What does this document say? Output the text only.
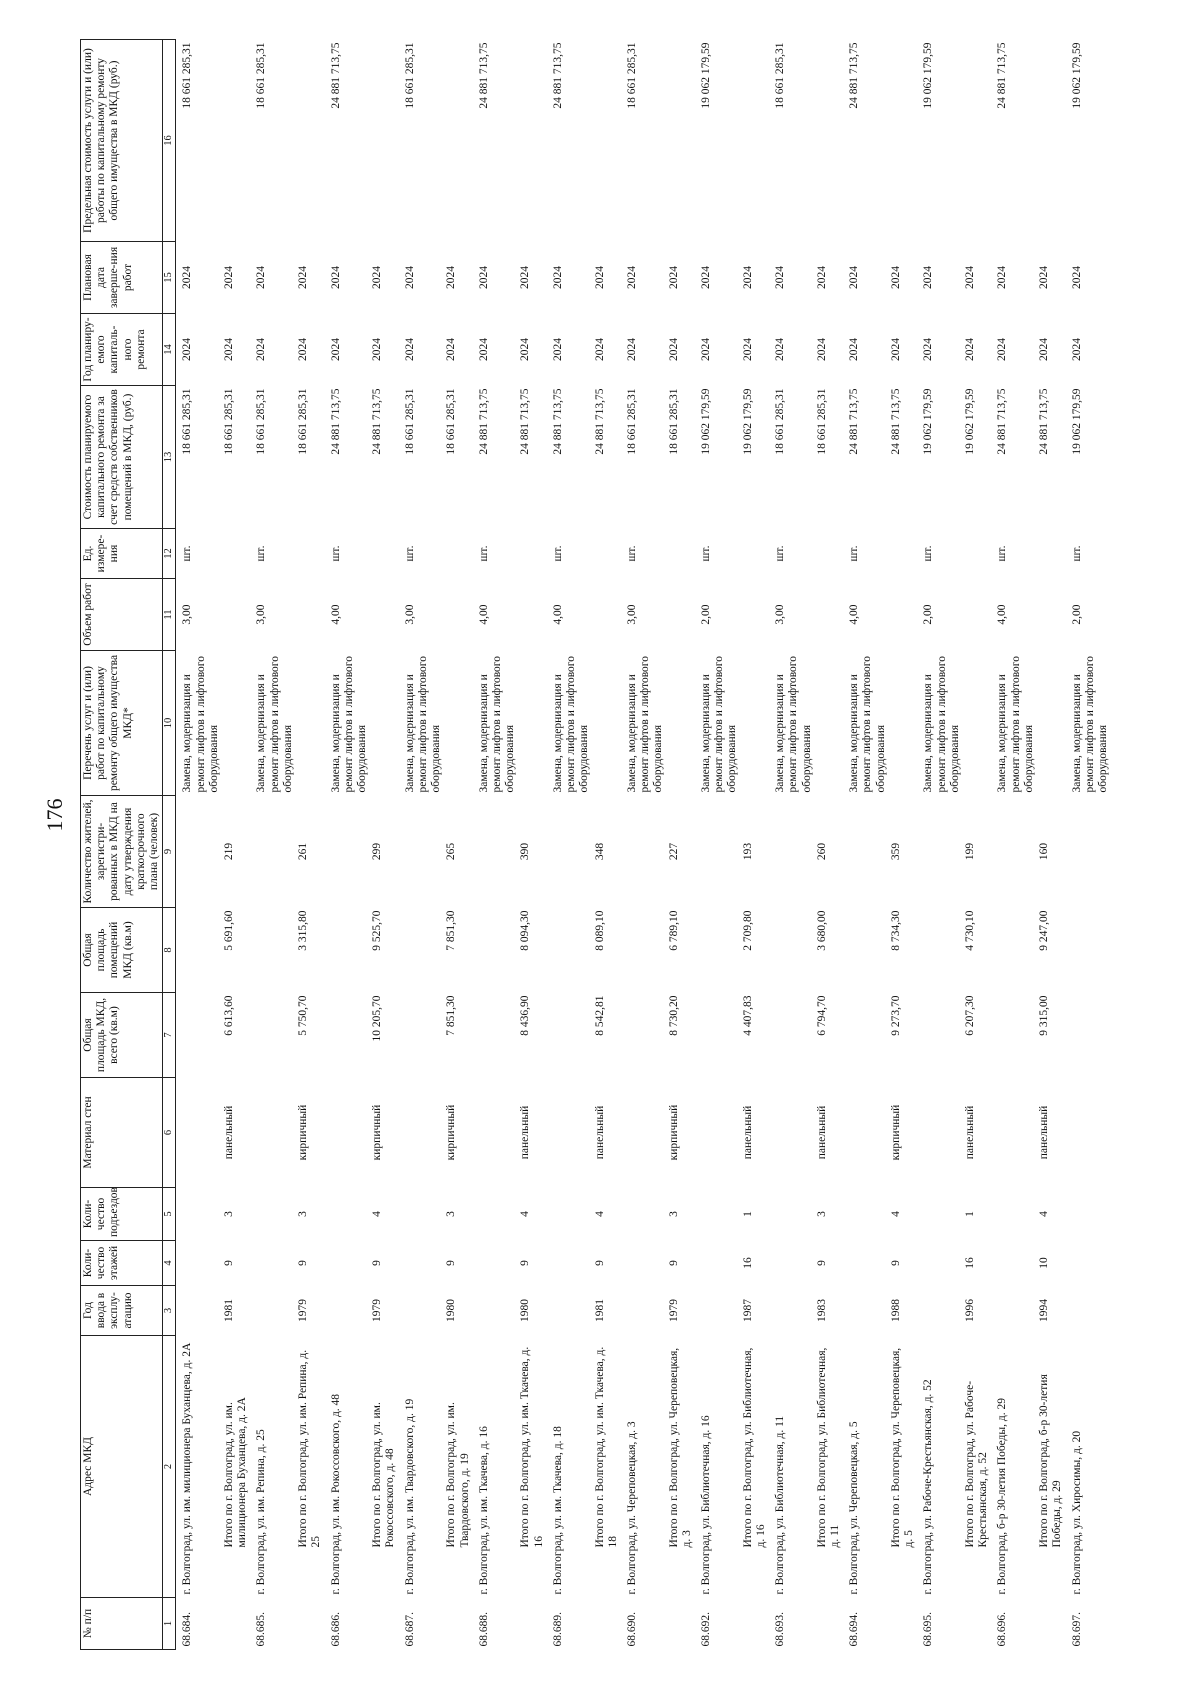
176
№ п/п	Адрес МКД	Год ввода в эксплу-атацию	Коли-чество этажей	Коли-чество подъездов	Материал стен	Общая площадь МКД, всего (кв.м)	Общая площадь помещений МКД (кв.м)	Количество жителей, зарегистри-рованных в МКД на дату утверждения краткосрочного плана (человек)	Перечень услуг и (или) работ по капитальному ремонту общего имущества МКД*	Объем работ	Ед. измере-ния	Стоимость планируемого капитального ремонта за счет средств собственников помещений в МКД, (руб.)	Год планиру-емого капиталь-ного ремонта	Плановая дата заверше-ния работ	Предельная стоимость услуги и (или) работы по капитальному ремонту общего имущества в МКД (руб.)
1	2	3	4	5	6	7	8	9	10	11	12	13	14	15	16
68.684.	г. Волгоград, ул. им. милиционера Буханцева, д. 2А								Замена, модернизация и ремонт лифтов и лифтового оборудования	3,00	шт.	18 661 285,31	2024	2024	18 661 285,31
	Итого по г. Волгоград, ул. им. милиционера Буханцева, д. 2А	1981	9	3	панельный	6 613,60	5 691,60	219				18 661 285,31	2024	2024	
68.685.	г. Волгоград, ул. им. Репина, д. 25								Замена, модернизация и ремонт лифтов и лифтового оборудования	3,00	шт.	18 661 285,31	2024	2024	18 661 285,31
	Итого по г. Волгоград, ул. им. Репина, д. 25	1979	9	3	кирпичный	5 750,70	3 315,80	261				18 661 285,31	2024	2024	
68.686.	г. Волгоград, ул. им. Рокоссовского, д. 48								Замена, модернизация и ремонт лифтов и лифтового оборудования	4,00	шт.	24 881 713,75	2024	2024	24 881 713,75
	Итого по г. Волгоград, ул. им. Рокоссовского, д. 48	1979	9	4	кирпичный	10 205,70	9 525,70	299				24 881 713,75	2024	2024	
68.687.	г. Волгоград, ул. им. Твардовского, д. 19								Замена, модернизация и ремонт лифтов и лифтового оборудования	3,00	шт.	18 661 285,31	2024	2024	18 661 285,31
	Итого по г. Волгоград, ул. им. Твардовского, д. 19	1980	9	3	кирпичный	7 851,30	7 851,30	265				18 661 285,31	2024	2024	
68.688.	г. Волгоград, ул. им. Ткачева, д. 16								Замена, модернизация и ремонт лифтов и лифтового оборудования	4,00	шт.	24 881 713,75	2024	2024	24 881 713,75
	Итого по г. Волгоград, ул. им. Ткачева, д. 16	1980	9	4	панельный	8 436,90	8 094,30	390				24 881 713,75	2024	2024	
68.689.	г. Волгоград, ул. им. Ткачева, д. 18								Замена, модернизация и ремонт лифтов и лифтового оборудования	4,00	шт.	24 881 713,75	2024	2024	24 881 713,75
	Итого по г. Волгоград, ул. им. Ткачева, д. 18	1981	9	4	панельный	8 542,81	8 089,10	348				24 881 713,75	2024	2024	
68.690.	г. Волгоград, ул. Череповецкая, д. 3								Замена, модернизация и ремонт лифтов и лифтового оборудования	3,00	шт.	18 661 285,31	2024	2024	18 661 285,31
	Итого по г. Волгоград, ул. Череповецкая, д. 3	1979	9	3	кирпичный	8 730,20	6 789,10	227				18 661 285,31	2024	2024	
68.692.	г. Волгоград, ул. Библиотечная, д. 16								Замена, модернизация и ремонт лифтов и лифтового оборудования	2,00	шт.	19 062 179,59	2024	2024	19 062 179,59
	Итого по г. Волгоград, ул. Библиотечная, д. 16	1987	16	1	панельный	4 407,83	2 709,80	193				19 062 179,59	2024	2024	
68.693.	г. Волгоград, ул. Библиотечная, д. 11								Замена, модернизация и ремонт лифтов и лифтового оборудования	3,00	шт.	18 661 285,31	2024	2024	18 661 285,31
	Итого по г. Волгоград, ул. Библиотечная, д. 11	1983	9	3	панельный	6 794,70	3 680,00	260				18 661 285,31	2024	2024	
68.694.	г. Волгоград, ул. Череповецкая, д. 5								Замена, модернизация и ремонт лифтов и лифтового оборудования	4,00	шт.	24 881 713,75	2024	2024	24 881 713,75
	Итого по г. Волгоград, ул. Череповецкая, д. 5	1988	9	4	кирпичный	9 273,70	8 734,30	359				24 881 713,75	2024	2024	
68.695.	г. Волгоград, ул. Рабоче-Крестьянская, д. 52								Замена, модернизация и ремонт лифтов и лифтового оборудования	2,00	шт.	19 062 179,59	2024	2024	19 062 179,59
	Итого по г. Волгоград, ул. Рабоче-Крестьянская, д. 52	1996	16	1	панельный	6 207,30	4 730,10	199				19 062 179,59	2024	2024	
68.696.	г. Волгоград, б-р 30-летия Победы, д. 29								Замена, модернизация и ремонт лифтов и лифтового оборудования	4,00	шт.	24 881 713,75	2024	2024	24 881 713,75
	Итого по г. Волгоград, б-р 30-летия Победы, д. 29	1994	10	4	панельный	9 315,00	9 247,00	160				24 881 713,75	2024	2024	
68.697.	г. Волгоград, ул. Хиросимы, д. 20								Замена, модернизация и ремонт лифтов и лифтового оборудования	2,00	шт.	19 062 179,59	2024	2024	19 062 179,59
